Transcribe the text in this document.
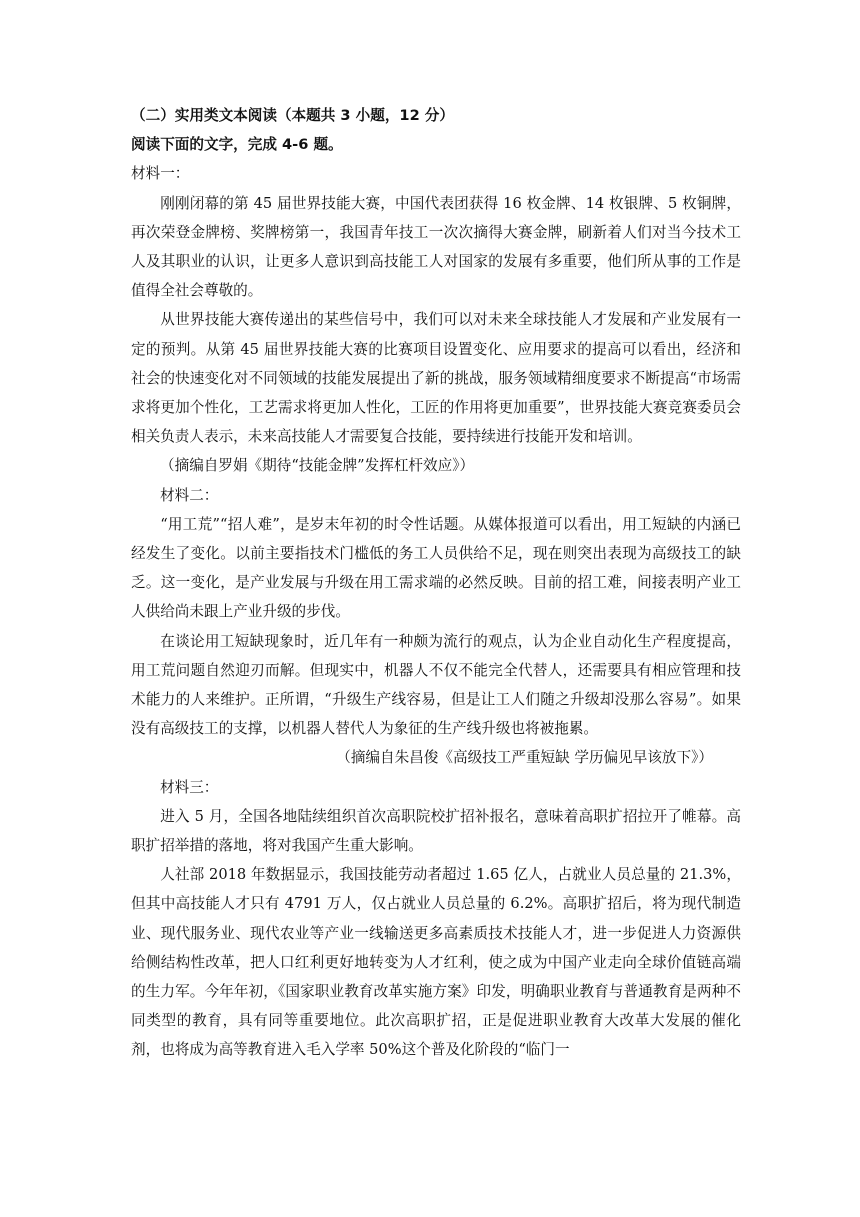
（二）实用类文本阅读（本题共 3 小题，12 分）
阅读下面的文字，完成 4-6 题。
材料一：

刚刚闭幕的第 45 届世界技能大赛，中国代表团获得 16 枚金牌、14 枚银牌、5 枚铜牌，再次荣登金牌榜、奖牌榜第一，我国青年技工一次次摘得大赛金牌，刷新着人们对当今技术工人及其职业的认识，让更多人意识到高技能工人对国家的发展有多重要，他们所从事的工作是值得全社会尊敬的。

从世界技能大赛传递出的某些信号中，我们可以对未来全球技能人才发展和产业发展有一定的预判。从第 45 届世界技能大赛的比赛项目设置变化、应用要求的提高可以看出，经济和社会的快速变化对不同领域的技能发展提出了新的挑战，服务领域精细度要求不断提高“市场需求将更加个性化，工艺需求将更加人性化，工匠的作用将更加重要”，世界技能大赛竞赛委员会相关负责人表示，未来高技能人才需要复合技能，要持续进行技能开发和培训。

（摘编自罗娟《期待“技能金牌”发挥杠杆效应》）
材料二：

“用工荒”“招人难”，是岁末年初的时令性话题。从媒体报道可以看出，用工短缺的内涵已经发生了变化。以前主要指技术门槛低的务工人员供给不足，现在则突出表现为高级技工的缺乏。这一变化，是产业发展与升级在用工需求端的必然反映。目前的招工难，间接表明产业工人供给尚未跟上产业升级的步伐。

在谈论用工短缺现象时，近几年有一种颇为流行的观点，认为企业自动化生产程度提高，用工荒问题自然迎刃而解。但现实中，机器人不仅不能完全代替人，还需要具有相应管理和技术能力的人来维护。正所谓，“升级生产线容易，但是让工人们随之升级却没那么容易”。如果没有高级技工的支撑，以机器人替代人为象征的生产线升级也将被拖累。

（摘编自朱昌俊《高级技工严重短缺 学历偏见早该放下》）
材料三：

进入 5 月，全国各地陆续组织首次高职院校扩招补报名，意味着高职扩招拉开了帷幕。高职扩招举措的落地，将对我国产生重大影响。

人社部 2018 年数据显示，我国技能劳动者超过 1.65 亿人，占就业人员总量的 21.3%，但其中高技能人才只有 4791 万人，仅占就业人员总量的 6.2%。高职扩招后，将为现代制造业、现代服务业、现代农业等产业一线输送更多高素质技术技能人才，进一步促进人力资源供给侧结构性改革，把人口红利更好地转变为人才红利，使之成为中国产业走向全球价值链高端的生力军。今年年初，《国家职业教育改革实施方案》印发，明确职业教育与普通教育是两种不同类型的教育，具有同等重要地位。此次高职扩招，正是促进职业教育大改革大发展的催化剂，也将成为高等教育进入毛入学率 50%这个普及化阶段的“临门一
